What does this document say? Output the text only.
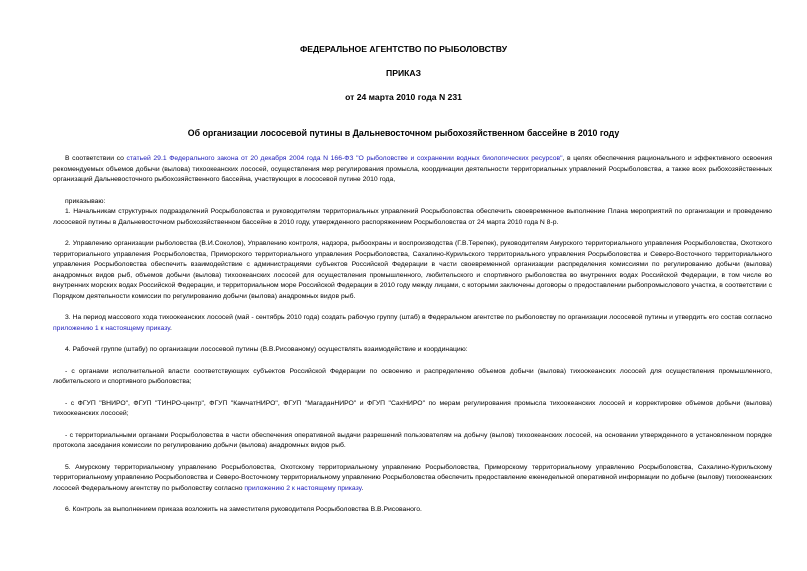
ФЕДЕРАЛЬНОЕ АГЕНТСТВО ПО РЫБОЛОВСТВУ
ПРИКАЗ
от 24 марта 2010 года N 231
Об организации лососевой путины в Дальневосточном рыбохозяйственном бассейне в 2010 году

В соответствии со статьей 29.1 Федерального закона от 20 декабря 2004 года N 166-ФЗ "О рыболовстве и сохранении водных биологических ресурсов", в целях обеспечения рационального и эффективного освоения рекомендуемых объемов добычи (вылова) тихоокеанских лососей, осуществления мер регулирования промысла, координации деятельности территориальных управлений Росрыболовства, а также всех рыбохозяйственных организаций Дальневосточного рыбохозяйственного бассейна, участвующих в лососевой путине 2010 года,

приказываю:

1. Начальникам структурных подразделений Росрыболовства и руководителям территориальных управлений Росрыболовства обеспечить своевременное выполнение Плана мероприятий по организации и проведению лососевой путины в Дальневосточном рыбохозяйственном бассейне в 2010 году, утвержденного распоряжением Росрыболовства от 24 марта 2010 года N 8-р.

2. Управлению организации рыболовства (В.И.Соколов), Управлению контроля, надзора, рыбоохраны и воспроизводства (Г.В.Терепек), руководителям Амурского территориального управления Росрыболовства, Охотского территориального управления Росрыболовства, Приморского территориального управления Росрыболовства, Сахалино-Курильского территориального управления Росрыболовства и Северо-Восточного территориального управления Росрыболовства обеспечить взаимодействие с администрациями субъектов Российской Федерации в части своевременной организации распределения комиссиями по регулированию добычи (вылова) анадромных видов рыб, объемов добычи (вылова) тихоокеанских лососей для осуществления промышленного, любительского и спортивного рыболовства во внутренних водах Российской Федерации, в том числе во внутренних морских водах Российской Федерации, и территориальном море Российской Федерации в 2010 году между лицами, с которыми заключены договоры о предоставлении рыбопромыслового участка, в соответствии с Порядком деятельности комиссии по регулированию добычи (вылова) анадромных видов рыб.

3. На период массового хода тихоокеанских лососей (май - сентябрь 2010 года) создать рабочую группу (штаб) в Федеральном агентстве по рыболовству по организации лососевой путины и утвердить его состав согласно приложению 1 к настоящему приказу.

4. Рабочей группе (штабу) по организации лососевой путины (В.В.Рисованому) осуществлять взаимодействие и координацию:

- с органами исполнительной власти соответствующих субъектов Российской Федерации по освоению и распределению объемов добычи (вылова) тихоокеанских лососей для осуществления промышленного, любительского и спортивного рыболовства;

- с ФГУП "ВНИРО", ФГУП "ТИНРО-центр", ФГУП "КамчатНИРО", ФГУП "МагаданНИРО" и ФГУП "СахНИРО" по мерам регулирования промысла тихоокеанских лососей и корректировке объемов добычи (вылова) тихоокеанских лососей;

- с территориальными органами Росрыболовства в части обеспечения оперативной выдачи разрешений пользователям на добычу (вылов) тихоокеанских лососей, на основании утвержденного в установленном порядке протокола заседания комиссии по регулированию добычи (вылова) анадромных видов рыб.

5. Амурскому территориальному управлению Росрыболовства, Охотскому территориальному управлению Росрыболовства, Приморскому территориальному управлению Росрыболовства, Сахалино-Курильскому территориальному управлению Росрыболовства и Северо-Восточному территориальному управлению Росрыболовства обеспечить предоставление еженедельной оперативной информации по добыче (вылову) тихоокеанских лососей Федеральному агентству по рыболовству согласно приложению 2 к настоящему приказу.

6. Контроль за выполнением приказа возложить на заместителя руководителя Росрыболовства В.В.Рисованого.
